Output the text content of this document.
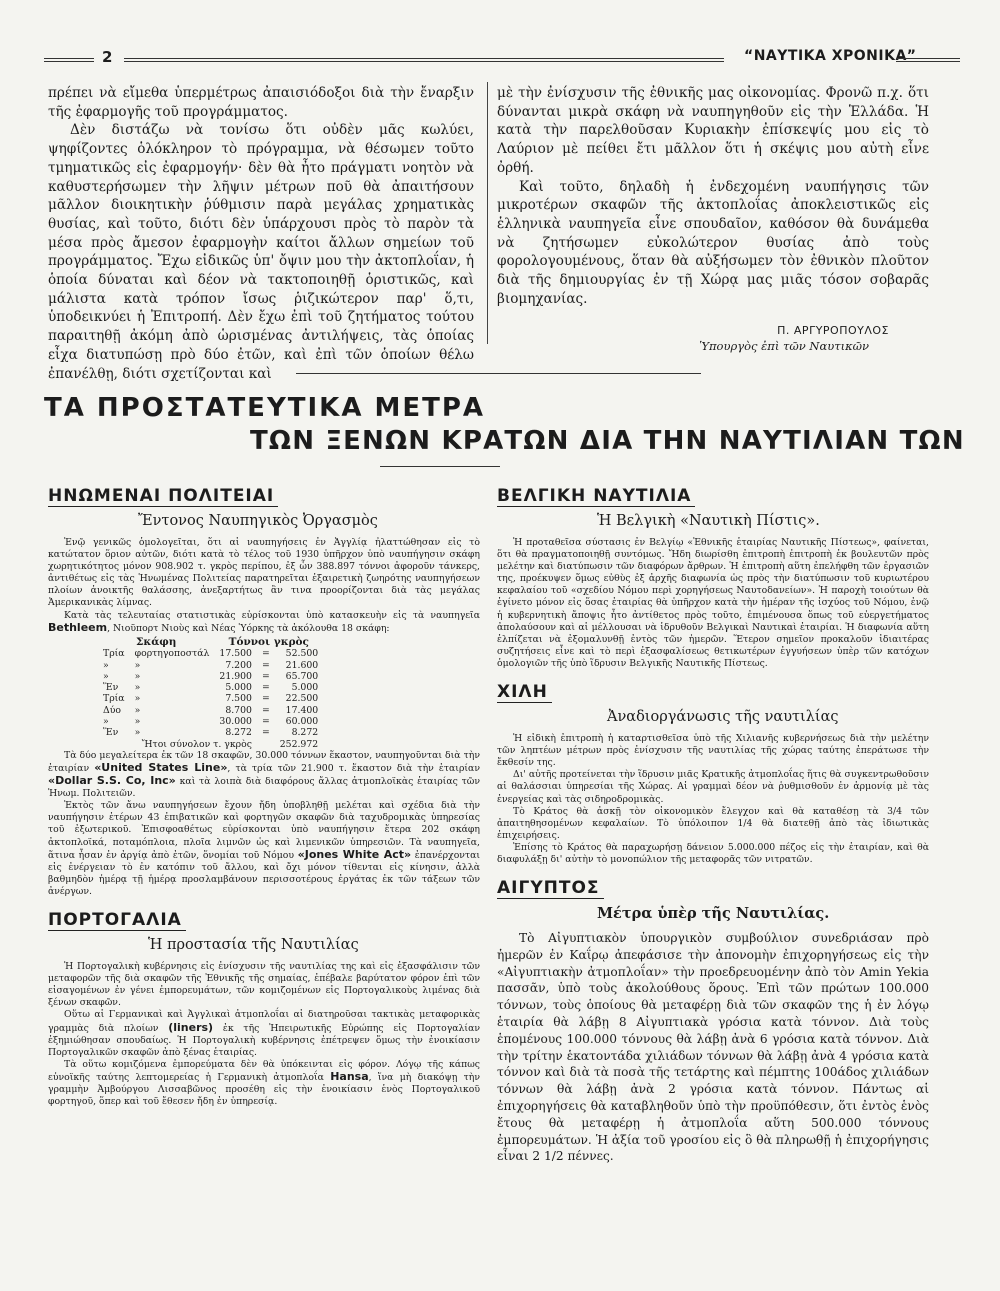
2	“ΝΑΥΤΙΚΑ ΧΡΟΝΙΚΑ”

πρέπει νὰ εἴμεθα ὑπερμέτρως ἀπαισιόδοξοι διὰ τὴν ἔναρξιν τῆς ἐφαρμογῆς τοῦ προγράμματος.

Δὲν διστάζω νὰ τονίσω ὅτι οὐδὲν μᾶς κωλύει, ψηφίζοντες ὁλόκληρον τὸ πρόγραμμα, νὰ θέσωμεν τοῦτο τμηματικῶς εἰς ἐφαρμογήν· δὲν θὰ ἦτο πράγματι νοητὸν νὰ καθυστερήσωμεν τὴν λῆψιν μέτρων ποῦ θὰ ἀπαιτήσουν μᾶλλον διοικητικὴν ῥύθμισιν παρὰ μεγάλας χρηματικὰς θυσίας, καὶ τοῦτο, διότι δὲν ὑπάρχουσι πρὸς τὸ παρὸν τὰ μέσα πρὸς ἄμεσον ἐφαρμογὴν καίτοι ἄλλων σημείων τοῦ προγράμματος. Ἔχω εἰδικῶς ὑπ' ὄψιν μου τὴν ἀκτοπλοΐαν, ἡ ὁποία δύναται καὶ δέον νὰ τακτοποιηθῇ ὁριστικῶς, καὶ μάλιστα κατὰ τρόπον ἴσως ῥιζικώτερον παρ' ὅ,τι, ὑποδεικνύει ἡ Ἐπιτροπή. Δὲν ἔχω ἐπὶ τοῦ ζητήματος τούτου παραιτηθῇ ἀκόμη ἀπὸ ὡρισμένας ἀντιλήψεις, τὰς ὁποίας εἶχα διατυπώσῃ πρὸ δύο ἐτῶν, καὶ ἐπὶ τῶν ὁποίων θέλω ἐπανέλθῃ, διότι σχετίζονται καὶ

μὲ τὴν ἐνίσχυσιν τῆς ἐθνικῆς μας οἰκονομίας. Φρονῶ π.χ. ὅτι δύνανται μικρὰ σκάφη νὰ ναυπηγηθοῦν εἰς τὴν Ἑλλάδα. Ἡ κατὰ τὴν παρελθοῦσαν Κυριακὴν ἐπίσκεψίς μου εἰς τὸ Λαύριον μὲ πείθει ἔτι μᾶλλον ὅτι ἡ σκέψις μου αὐτὴ εἶνε ὀρθή.

Καὶ τοῦτο, δηλαδὴ ἡ ἐνδεχομένη ναυπήγησις τῶν μικροτέρων σκαφῶν τῆς ἀκτοπλοΐας ἀποκλειστικῶς εἰς ἑλληνικὰ ναυπηγεῖα εἶνε σπουδαῖον, καθόσον θὰ δυνάμεθα νὰ ζητήσωμεν εὐκολώτερον θυσίας ἀπὸ τοὺς φορολογουμένους, ὅταν θὰ αὐξήσωμεν τὸν ἐθνικὸν πλοῦτον διὰ τῆς δημιουργίας ἐν τῇ Χώρᾳ μας μιᾶς τόσον σοβαρᾶς βιομηχανίας.

Π. ΑΡΓΥΡΟΠΟΥΛΟΣ
Ὑπουργὸς ἐπὶ τῶν Ναυτικῶν
ΤΑ ΠΡΟΣΤΑΤΕΥΤΙΚΑ ΜΕΤΡΑ
ΤΩΝ ΞΕΝΩΝ ΚΡΑΤΩΝ ΔΙΑ ΤΗΝ ΝΑΥΤΙΛΙΑΝ ΤΩΝ
ΗΝΩΜΕΝΑΙ ΠΟΛΙΤΕΙΑΙ
Ἔντονος Ναυπηγικὸς Ὀργασμὸς

Ἐνῷ γενικῶς ὁμολογεῖται, ὅτι αἱ ναυπηγήσεις ἐν Ἀγγλίᾳ ἠλαττώθησαν εἰς τὸ κατώτατον ὅριον αὐτῶν, διότι κατὰ τὸ τέλος τοῦ 1930 ὑπῆρχον ὑπὸ ναυπήγησιν σκάφη χωρητικότητος μόνον 908.902 τ. γκρὸς περίπου, ἐξ ὧν 388.897 τόννοι ἀφοροῦν τάνκερς, ἀντιθέτως εἰς τὰς Ἡνωμένας Πολιτείας παρατηρεῖται ἐξαιρετικὴ ζωηρότης ναυπηγήσεων πλοίων ἀνοικτῆς θαλάσσης, ἀνεξαρτήτως ἂν τινα προορίζονται διὰ τὰς μεγάλας Ἀμερικανικὰς λίμνας.

Κατὰ τὰς τελευταίας στατιστικὰς εὑρίσκονται ὑπὸ κατασκευὴν εἰς τὰ ναυπηγεῖα Bethleem, Νιοῦπορτ Νιοὺς καὶ Νέας Ὑόρκης τὰ ἀκόλουθα 18 σκάφη:

Σκάφη		Τόννοι γκρὸς		
Τρία	φορτηγοποστάλ	17.500	=	52.500
»	»	7.200	=	21.600
»	»	21.900	=	65.700
Ἕν	»	5.000	=	5.000
Τρία	»	7.500	=	22.500
Δύο	»	8.700	=	17.400
»	»	30.000	=	60.000
Ἕν	»	8.272	=	8.272
Ἤτοι σύνολον τ. γκρὸς				252.972

Τὰ δύο μεγαλείτερα ἐκ τῶν 18 σκαφῶν, 30.000 τόννων ἕκαστον, ναυπηγοῦνται διὰ τὴν ἑταιρίαν «United States Line», τὰ τρία τῶν 21.900 τ. ἕκαστον διὰ τὴν ἑταιρίαν «Dollar S.S. Co, Inc» καὶ τὰ λοιπὰ διὰ διαφόρους ἄλλας ἀτμοπλοϊκὰς ἑταιρίας τῶν Ἡνωμ. Πολιτειῶν.

Ἐκτὸς τῶν ἄνω ναυπηγήσεων ἔχουν ἤδη ὑποβληθῇ μελέται καὶ σχέδια διὰ τὴν ναυπήγησιν ἑτέρων 43 ἐπιβατικῶν καὶ φορτηγῶν σκαφῶν διὰ ταχυδρομικὰς ὑπηρεσίας τοῦ ἐξωτερικοῦ. Ἐπισφοαθέτως εὑρίσκονται ὑπὸ ναυπήγησιν ἕτερα 202 σκάφη ἀκτοπλοϊκά, ποταμόπλοια, πλοῖα λιμνῶν ὡς καὶ λιμενικῶν ὑπηρεσιῶν. Τὰ ναυπηγεῖα, ἅτινα ἦσαν ἐν ἀργίᾳ ἀπὸ ἐτῶν, ὅνομίαι τοῦ Νόμου «Jones White Act» ἐπανέρχονται εἰς ἐνέργειαν τὸ ἐν κατόπιν τοῦ ἄλλου, καὶ ὄχι μόνον τίθενται εἰς κίνησιν, ἀλλὰ βαθμηδὸν ἡμέρᾳ τῇ ἡμέρᾳ προσλαμβάνουν περισσοτέρους ἐργάτας ἐκ τῶν τάξεων τῶν ἀνέργων.

ΠΟΡΤΟΓΑΛΙΑ
Ἡ προστασία τῆς Ναυτιλίας

Ἡ Πορτογαλικὴ κυβέρνησις εἰς ἐνίσχυσιν τῆς ναυτιλίας της καὶ εἰς ἐξασφάλισιν τῶν μεταφορῶν τῆς διὰ σκαφῶν τῆς Ἐθνικῆς τῆς σημαίας, ἐπέβαλε βαρύτατον φόρον ἐπὶ τῶν εἰσαγομένων ἐν γένει ἐμπορευμάτων, τῶν κομιζομένων εἰς Πορτογαλικοὺς λιμένας διὰ ξένων σκαφῶν.

Οὕτω αἱ Γερμανικαὶ καὶ Ἀγγλικαὶ ἀτμοπλοΐαι αἱ διατηροῦσαι τακτικὰς μεταφορικὰς γραμμὰς διὰ πλοίων (liners) ἐκ τῆς Ἠπειρωτικῆς Εὐρώπης εἰς Πορτογαλίαν ἐξημιώθησαν σπουδαίως. Ἡ Πορτογαλικὴ κυβέρνησις ἐπέτρεψεν ὅμως τὴν ἐνοικίασιν Πορτογαλικῶν σκαφῶν ἀπὸ ξένας ἑταιρίας.

Τὰ οὕτω κομιζόμενα ἐμπορεύματα δὲν θὰ ὑπόκεινται εἰς φόρον. Λόγῳ τῆς κάπως εὐνοϊκῆς ταύτης λεπτομερείας ἡ Γερμανικὴ ἀτμοπλοΐα Hansa, ἵνα μὴ διακόψῃ τὴν γραμμὴν Ἀμβούργου Λισσαβῶνος προσέθη εἰς τὴν ἐνοικίασιν ἑνὸς Πορτογαλικοῦ φορτηγοῦ, ὅπερ καὶ τοῦ ἔθεσεν ἤδη ἐν ὑπηρεσίᾳ.

ΒΕΛΓΙΚΗ ΝΑΥΤΙΛΙΑ
Ἡ Βελγικὴ «Ναυτικὴ Πίστις».

Ἡ προταθεῖσα σύστασις ἐν Βελγίῳ «Ἐθνικῆς ἑταιρίας Ναυτικῆς Πίστεως», φαίνεται, ὅτι θὰ πραγματοποιηθῇ συντόμως. Ἤδη διωρίσθη ἐπιτροπὴ ἐπιτροπὴ ἐκ βουλευτῶν πρὸς μελέτην καὶ διατύπωσιν τῶν διαφόρων ἄρθρων. Ἡ ἐπιτροπὴ αὕτη ἐπελήφθη τῶν ἐργασιῶν της, προέκυψεν ὅμως εὐθὺς ἐξ ἀρχῆς διαφωνία ὡς πρὸς τὴν διατύπωσιν τοῦ κυριωτέρου κεφαλαίου τοῦ «σχεδίου Νόμου περὶ χορηγήσεως Ναυτοδανείων». Ἡ παροχὴ τοιούτων θὰ ἐγίνετο μόνον εἰς ὅσας ἑταιρίας θὰ ὑπῆρχον κατὰ τὴν ἡμέραν τῆς ἰσχύος τοῦ Νόμου, ἐνῷ ἡ κυβερνητικὴ ἄποψις ἦτο ἀντίθετος πρὸς τοῦτο, ἐπιμένουσα ὅπως τοῦ εὐεργετήματος ἀπολαύσουν καὶ αἱ μέλλουσαι νὰ ἱδρυθοῦν Βελγικαὶ Ναυτικαὶ ἑταιρίαι. Ἡ διαφωνία αὕτη ἐλπίζεται νὰ ἐξομαλυνθῇ ἐντὸς τῶν ἡμερῶν. Ἕτερον σημεῖον προκαλοῦν ἰδιαιτέρας συζητήσεις εἶνε καὶ τὸ περὶ ἐξασφαλίσεως θετικωτέρων ἐγγυήσεων ὑπὲρ τῶν κατόχων ὁμολογιῶν τῆς ὑπὸ ἵδρυσιν Βελγικῆς Ναυτικῆς Πίστεως.

ΧΙΛΗ
Ἀναδιοργάνωσις τῆς ναυτιλίας

Ἡ εἰδικὴ ἐπιτροπὴ ἡ καταρτισθεῖσα ὑπὸ τῆς Χιλιανῆς κυβερνήσεως διὰ τὴν μελέτην τῶν ληπτέων μέτρων πρὸς ἐνίσχυσιν τῆς ναυτιλίας τῆς χώρας ταύτης ἐπεράτωσε τὴν ἔκθεσίν της.

Δι' αὐτῆς προτείνεται τὴν ἵδρυσιν μιᾶς Κρατικῆς ἀτμοπλοΐας ἥτις θὰ συγκεντρωθοῦσιν αἱ θαλάσσιαι ὑπηρεσίαι τῆς Χώρας. Αἱ γραμμαὶ δέον νὰ ῥυθμισθοῦν ἐν ἁρμονίᾳ μὲ τὰς ἐνεργείας καὶ τὰς σιδηροδρομικὰς.

Τὸ Κράτος θὰ ἀσκῇ τὸν οἰκονομικὸν ἔλεγχον καὶ θὰ καταθέσῃ τὰ 3/4 τῶν ἀπαιτηθησομένων κεφαλαίων. Τὸ ὑπόλοιπον 1/4 θὰ διατεθῇ ἀπὸ τὰς ἰδιωτικὰς ἐπιχειρήσεις.

Ἐπίσης τὸ Κράτος θὰ παραχωρήσῃ δάνειον 5.000.000 πέζος εἰς τὴν ἑταιρίαν, καὶ θὰ διαφυλάξῃ δι' αὐτὴν τὸ μονοπώλιον τῆς μεταφορᾶς τῶν νιτρατῶν.

ΑΙΓΥΠΤΟΣ
Μέτρα ὑπὲρ τῆς Ναυτιλίας.

Τὸ Αἰγυπτιακὸν ὑπουργικὸν συμβούλιον συνεδριάσαν πρὸ ἡμερῶν ἐν Καΐρῳ ἀπεφάσισε τὴν ἀπονομὴν ἐπιχορηγήσεως εἰς τὴν «Αἰγυπτιακὴν ἀτμοπλοΐαν» τὴν προεδρευομένην ἀπὸ τὸν Amin Yekia πασσᾶν, ὑπὸ τοὺς ἀκολούθους ὅρους. Ἐπὶ τῶν πρώτων 100.000 τόννων, τοὺς ὁποίους θὰ μεταφέρῃ διὰ τῶν σκαφῶν της ἡ ἐν λόγῳ ἑταιρία θὰ λάβῃ 8 Αἰγυπτιακὰ γρόσια κατὰ τόννον. Διὰ τοὺς ἑπομένους 100.000 τόννους θὰ λάβῃ ἀνὰ 6 γρόσια κατὰ τόννον. Διὰ τὴν τρίτην ἑκατοντάδα χιλιάδων τόννων θὰ λάβῃ ἀνὰ 4 γρόσια κατὰ τόννον καὶ διὰ τὰ ποσὰ τῆς τετάρτης καὶ πέμπτης 100άδος χιλιάδων τόννων θὰ λάβῃ ἀνὰ 2 γρόσια κατὰ τόννον. Πάντως αἱ ἐπιχορηγήσεις θὰ καταβληθοῦν ὑπὸ τὴν προϋπόθεσιν, ὅτι ἐντὸς ἑνὸς ἔτους θὰ μεταφέρῃ ἡ ἀτμοπλοΐα αὕτη 500.000 τόννους ἐμπορευμάτων. Ἡ ἀξία τοῦ γροσίου εἰς ὃ θὰ πληρωθῇ ἡ ἐπιχορήγησις εἶναι 2 1/2 πέννες.
